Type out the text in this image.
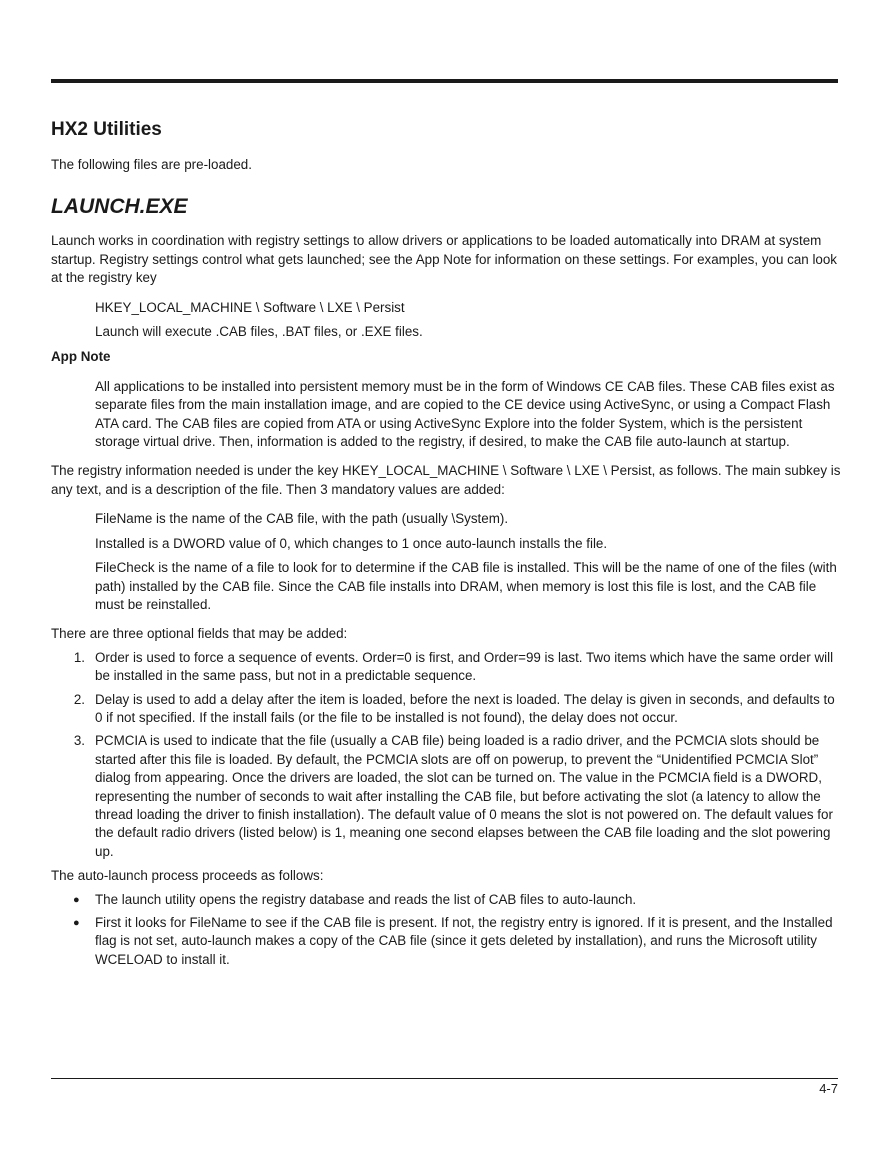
HX2 Utilities

The following files are pre-loaded.

LAUNCH.EXE

Launch works in coordination with registry settings to allow drivers or applications to be loaded automatically into DRAM at system startup. Registry settings control what gets launched; see the App Note for information on these settings. For examples, you can look at the registry key

HKEY_LOCAL_MACHINE \ Software \ LXE \ Persist

Launch will execute .CAB files, .BAT files, or .EXE files.

App Note

All applications to be installed into persistent memory must be in the form of Windows CE CAB files. These CAB files exist as separate files from the main installation image, and are copied to the CE device using ActiveSync, or using a Compact Flash ATA card. The CAB files are copied from ATA or using ActiveSync Explore into the folder System, which is the persistent storage virtual drive. Then, information is added to the registry, if desired, to make the CAB file auto-launch at startup.

The registry information needed is under the key HKEY_LOCAL_MACHINE \ Software \ LXE \ Persist, as follows. The main subkey is any text, and is a description of the file. Then 3 mandatory values are added:

FileName is the name of the CAB file, with the path (usually \System).

Installed is a DWORD value of 0, which changes to 1 once auto-launch installs the file.

FileCheck is the name of a file to look for to determine if the CAB file is installed. This will be the name of one of the files (with path) installed by the CAB file. Since the CAB file installs into DRAM, when memory is lost this file is lost, and the CAB file must be reinstalled.

There are three optional fields that may be added:

1. Order is used to force a sequence of events. Order=0 is first, and Order=99 is last. Two items which have the same order will be installed in the same pass, but not in a predictable sequence.
2. Delay is used to add a delay after the item is loaded, before the next is loaded. The delay is given in seconds, and defaults to 0 if not specified. If the install fails (or the file to be installed is not found), the delay does not occur.
3. PCMCIA is used to indicate that the file (usually a CAB file) being loaded is a radio driver, and the PCMCIA slots should be started after this file is loaded. By default, the PCMCIA slots are off on powerup, to prevent the “Unidentified PCMCIA Slot” dialog from appearing. Once the drivers are loaded, the slot can be turned on. The value in the PCMCIA field is a DWORD, representing the number of seconds to wait after installing the CAB file, but before activating the slot (a latency to allow the thread loading the driver to finish installation). The default value of 0 means the slot is not powered on. The default values for the default radio drivers (listed below) is 1, meaning one second elapses between the CAB file loading and the slot powering up.

The auto-launch process proceeds as follows:

● The launch utility opens the registry database and reads the list of CAB files to auto-launch.
● First it looks for FileName to see if the CAB file is present. If not, the registry entry is ignored. If it is present, and the Installed flag is not set, auto-launch makes a copy of the CAB file (since it gets deleted by installation), and runs the Microsoft utility WCELOAD to install it.
4-7
